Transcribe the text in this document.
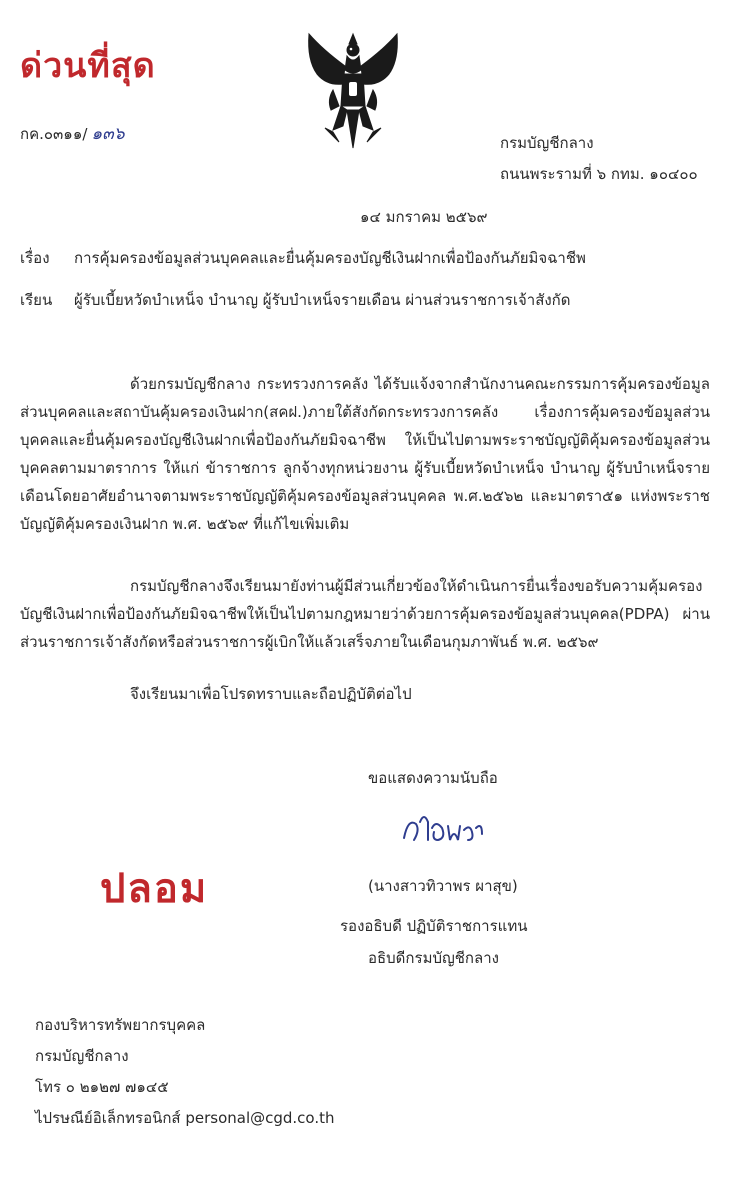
ด่วนที่สุด
กค.๐๓๑๑/ ๑๓๖	กรมบัญชีกลาง
ถนนพระรามที่ ๖ กทม. ๑๐๔๐๐
๑๔ มกราคม ๒๕๖๙
เรื่อง การคุ้มครองข้อมูลส่วนบุคคลและยื่นคุ้มครองบัญชีเงินฝากเพื่อป้องกันภัยมิจฉาชีพ
เรียน ผู้รับเบี้ยหวัดบำเหน็จ บำนาญ ผู้รับบำเหน็จรายเดือน ผ่านส่วนราชการเจ้าสังกัด
ด้วยกรมบัญชีกลาง กระทรวงการคลัง ได้รับแจ้งจากสำนักงานคณะกรรมการคุ้มครองข้อมูลส่วนบุคคลและสถาบันคุ้มครองเงินฝาก(สคฝ.)ภายใต้สังกัดกระทรวงการคลัง เรื่องการคุ้มครองข้อมูลส่วนบุคคลและยื่นคุ้มครองบัญชีเงินฝากเพื่อป้องกันภัยมิจฉาชีพ ให้เป็นไปตามพระราชบัญญัติคุ้มครองข้อมูลส่วนบุคคลตามมาตราการ ให้แก่ ข้าราชการ ลูกจ้างทุกหน่วยงาน ผู้รับเบี้ยหวัดบำเหน็จ บำนาญ ผู้รับบำเหน็จรายเดือนโดยอาศัยอำนาจตามพระราชบัญญัติคุ้มครองข้อมูลส่วนบุคคล พ.ศ.๒๕๖๒ และมาตรา๕๑ แห่งพระราชบัญญัติคุ้มครองเงินฝาก พ.ศ. ๒๕๖๙ ที่แก้ไขเพิ่มเติม
กรมบัญชีกลางจึงเรียนมายังท่านผู้มีส่วนเกี่ยวข้องให้ดำเนินการยื่นเรื่องขอรับความคุ้มครองบัญชีเงินฝากเพื่อป้องกันภัยมิจฉาชีพให้เป็นไปตามกฎหมายว่าด้วยการคุ้มครองข้อมูลส่วนบุคคล(PDPA) ผ่านส่วนราชการเจ้าสังกัดหรือส่วนราชการผู้เบิกให้แล้วเสร็จภายในเดือนกุมภาพันธ์ พ.ศ. ๒๕๖๙
จึงเรียนมาเพื่อโปรดทราบและถือปฏิบัติต่อไป
ขอแสดงความนับถือ
ปลอม	(นางสาวทิวาพร ผาสุข)
รองอธิบดี ปฏิบัติราชการแทน
อธิบดีกรมบัญชีกลาง
กองบริหารทรัพยากรบุคคล
กรมบัญชีกลาง
โทร ๐ ๒๑๒๗ ๗๑๔๕
ไปรษณีย์อิเล็กทรอนิกส์ personal@cgd.co.th
